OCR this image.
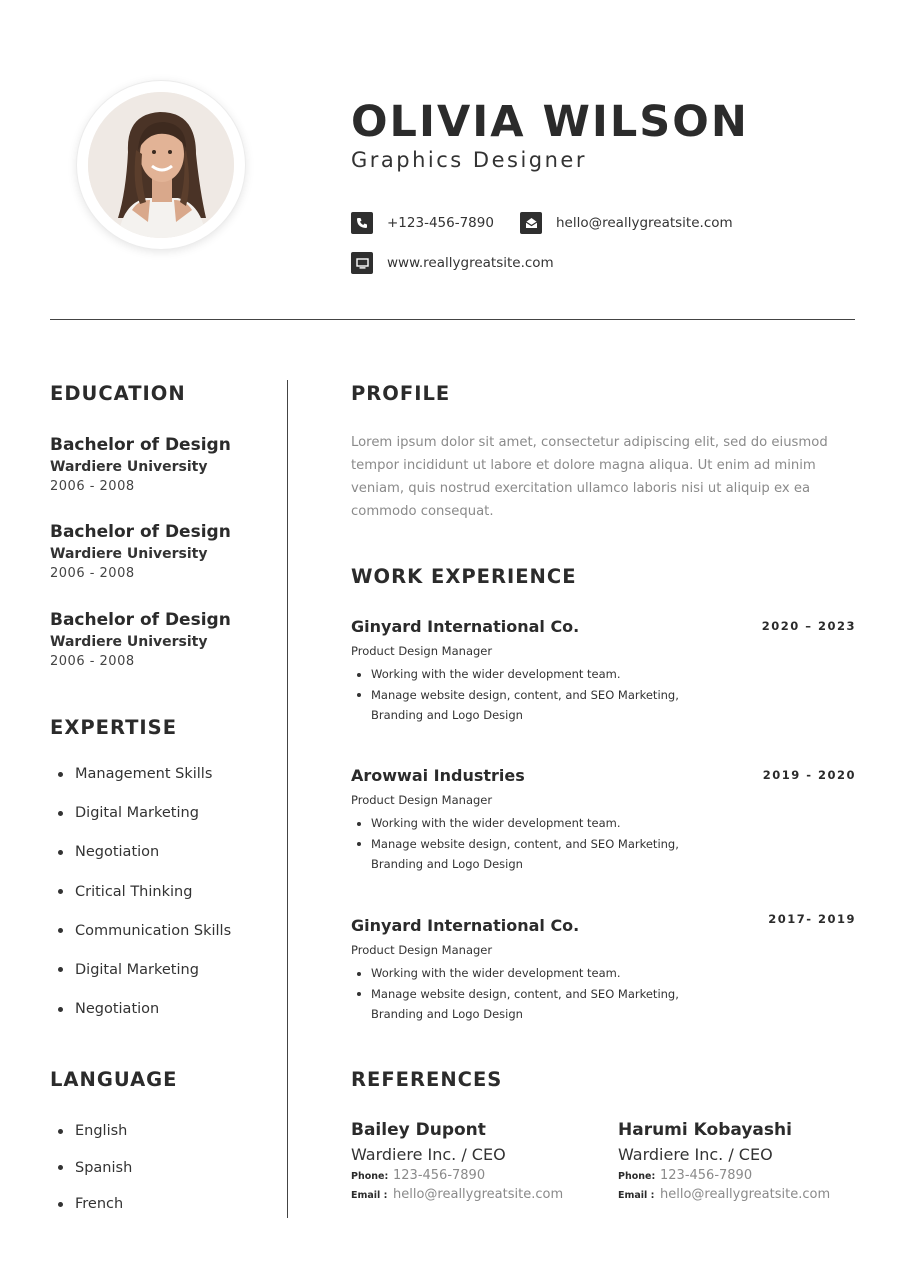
OLIVIA WILSON
Graphics Designer
+123-456-7890	hello@reallygreatsite.com
www.reallygreatsite.com
EDUCATION
Bachelor of Design
Wardiere University
2006 - 2008
Bachelor of Design
Wardiere University
2006 - 2008
Bachelor of Design
Wardiere University
2006 - 2008
EXPERTISE
Management Skills
Digital Marketing
Negotiation
Critical Thinking
Communication Skills
Digital Marketing
Negotiation
LANGUAGE
English
Spanish
French
PROFILE
Lorem ipsum dolor sit amet, consectetur adipiscing elit, sed do eiusmod tempor incididunt ut labore et dolore magna aliqua. Ut enim ad minim veniam, quis nostrud exercitation ullamco laboris nisi ut aliquip ex ea commodo consequat.
WORK EXPERIENCE
Ginyard International Co.	2020 – 2023
Product Design Manager
Working with the wider development team.
Manage website design, content, and SEO Marketing, Branding and Logo Design
Arowwai Industries	2019 - 2020
Product Design Manager
Working with the wider development team.
Manage website design, content, and SEO Marketing, Branding and Logo Design
Ginyard International Co.	2017- 2019
Product Design Manager
Working with the wider development team.
Manage website design, content, and SEO Marketing, Branding and Logo Design
REFERENCES
Bailey Dupont
Wardiere Inc. / CEO
Phone: 123-456-7890
Email : hello@reallygreatsite.com
Harumi Kobayashi
Wardiere Inc. / CEO
Phone: 123-456-7890
Email : hello@reallygreatsite.com
